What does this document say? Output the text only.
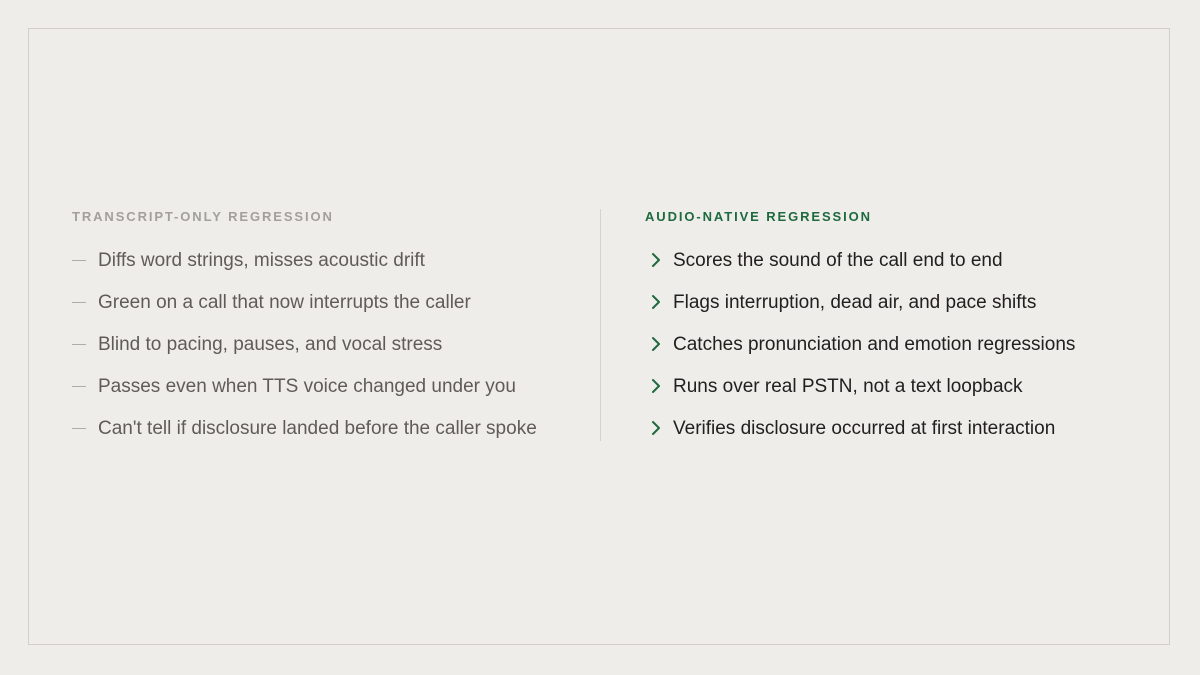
TRANSCRIPT-ONLY REGRESSION
Diffs word strings, misses acoustic drift
Green on a call that now interrupts the caller
Blind to pacing, pauses, and vocal stress
Passes even when TTS voice changed under you
Can't tell if disclosure landed before the caller spoke
AUDIO-NATIVE REGRESSION
Scores the sound of the call end to end
Flags interruption, dead air, and pace shifts
Catches pronunciation and emotion regressions
Runs over real PSTN, not a text loopback
Verifies disclosure occurred at first interaction
